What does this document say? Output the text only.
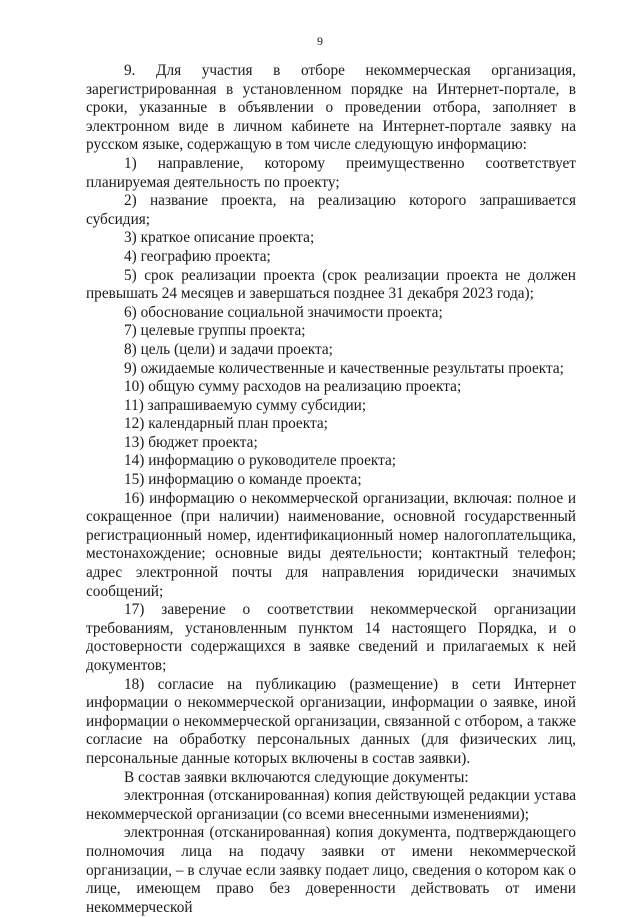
9

9. Для участия в отборе некоммерческая организация, зарегистрированная в установленном порядке на Интернет-портале, в сроки, указанные в объявлении о проведении отбора, заполняет в электронном виде в личном кабинете на Интернет-портале заявку на русском языке, содержащую в том числе следующую информацию:

1) направление, которому преимущественно соответствует планируемая деятельность по проекту;

2) название проекта, на реализацию которого запрашивается субсидия;

3) краткое описание проекта;

4) географию проекта;

5) срок реализации проекта (срок реализации проекта не должен превышать 24 месяцев и завершаться позднее 31 декабря 2023 года);

6) обоснование социальной значимости проекта;

7) целевые группы проекта;

8) цель (цели) и задачи проекта;

9) ожидаемые количественные и качественные результаты проекта;

10) общую сумму расходов на реализацию проекта;

11) запрашиваемую сумму субсидии;

12) календарный план проекта;

13) бюджет проекта;

14) информацию о руководителе проекта;

15) информацию о команде проекта;

16) информацию о некоммерческой организации, включая: полное и сокращенное (при наличии) наименование, основной государственный регистрационный номер, идентификационный номер налогоплательщика, местонахождение; основные виды деятельности; контактный телефон; адрес электронной почты для направления юридически значимых сообщений;

17) заверение о соответствии некоммерческой организации требованиям, установленным пунктом 14 настоящего Порядка, и о достоверности содержащихся в заявке сведений и прилагаемых к ней документов;

18) согласие на публикацию (размещение) в сети Интернет информации о некоммерческой организации, информации о заявке, иной информации о некоммерческой организации, связанной с отбором, а также согласие на обработку персональных данных (для физических лиц, персональные данные которых включены в состав заявки).

В состав заявки включаются следующие документы:

электронная (отсканированная) копия действующей редакции устава некоммерческой организации (со всеми внесенными изменениями);

электронная (отсканированная) копия документа, подтверждающего полномочия лица на подачу заявки от имени некоммерческой организации, – в случае если заявку подает лицо, сведения о котором как о лице, имеющем право без доверенности действовать от имени некоммерческой
